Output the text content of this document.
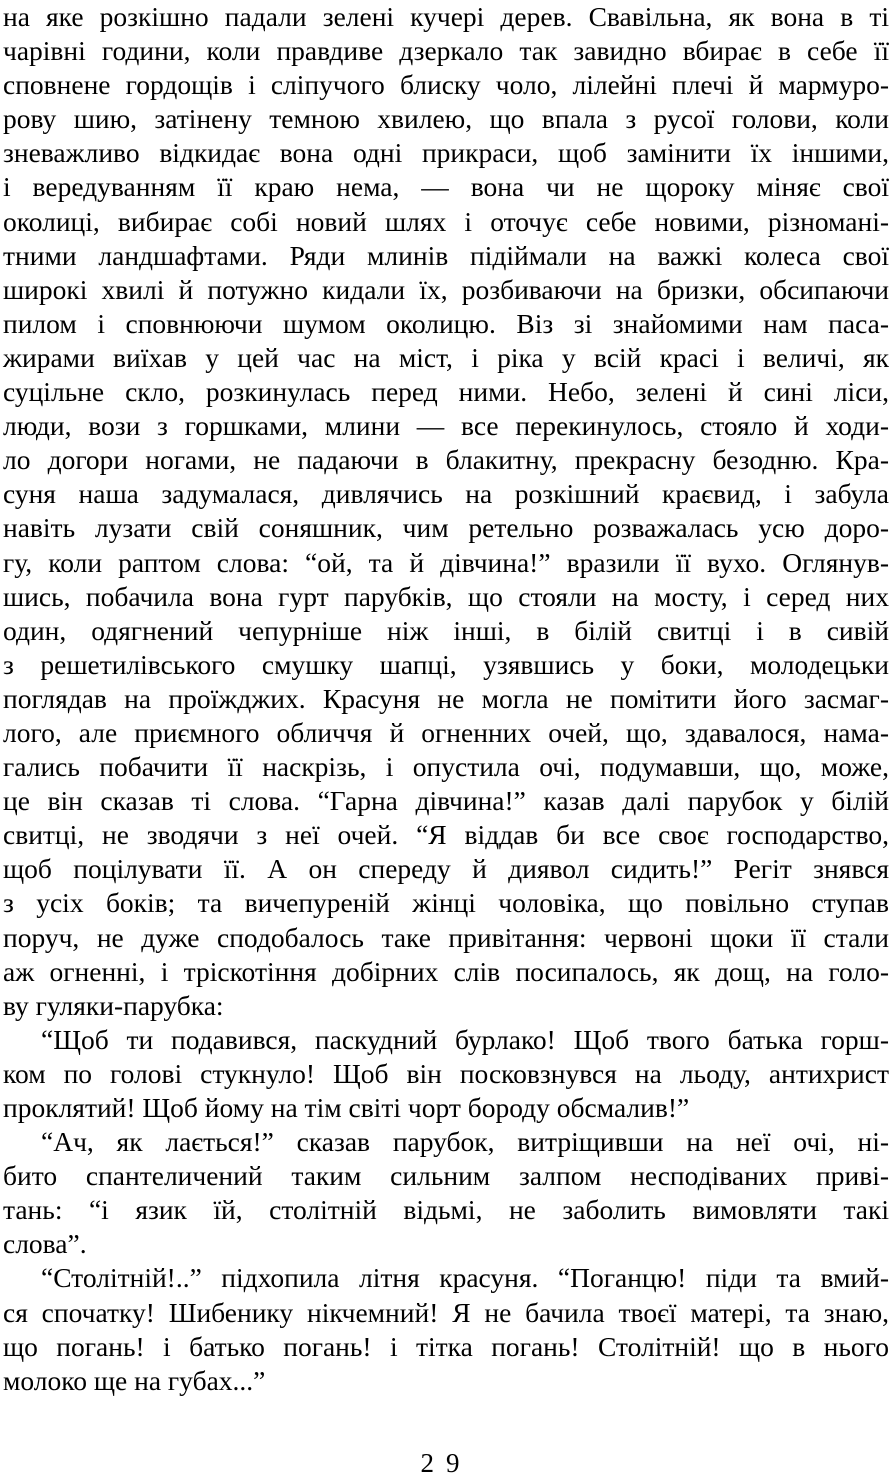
на яке розкішно падали зелені кучері дерев. Свавільна, як вона в ті
чарівні години, коли правдиве дзеркало так завидно вбирає в себе її
сповнене гордощів і сліпучого блиску чоло, лілейні плечі й мармуро-
рову шию, затінену темною хвилею, що впала з русої голови, коли
зневажливо відкидає вона одні прикраси, щоб замінити їх іншими,
і вередуванням її краю нема, — вона чи не щороку міняє свої
околиці, вибирає собі новий шлях і оточує себе новими, різномані-
тними ландшафтами. Ряди млинів підіймали на важкі колеса свої
широкі хвилі й потужно кидали їх, розбиваючи на бризки, обсипаючи
пилом і сповнюючи шумом околицю. Віз зі знайомими нам паса-
жирами виїхав у цей час на міст, і ріка у всій красі і величі, як
суцільне скло, розкинулась перед ними. Небо, зелені й сині ліси,
люди, вози з горшками, млини — все перекинулось, стояло й ходи-
ло догори ногами, не падаючи в блакитну, прекрасну безодню. Кра-
суня наша задумалася, дивлячись на розкішний краєвид, і забула
навіть лузати свій соняшник, чим ретельно розважалась усю доро-
гу, коли раптом слова: “ой, та й дівчина!” вразили її вухо. Оглянув-
шись, побачила вона гурт парубків, що стояли на мосту, і серед них
один, одягнений чепурніше ніж інші, в білій свитці і в сивій
з решетилівського смушку шапці, узявшись у боки, молодецьки
поглядав на проїжджих. Красуня не могла не помітити його засмаг-
лого, але приємного обличчя й огненних очей, що, здавалося, нама-
гались побачити її наскрізь, і опустила очі, подумавши, що, може,
це він сказав ті слова. “Гарна дівчина!” казав далі парубок у білій
свитці, не зводячи з неї очей. “Я віддав би все своє господарство,
щоб поцілувати її. А он спереду й диявол сидить!” Регіт знявся
з усіх боків; та вичепуреній жінці чоловіка, що повільно ступав
поруч, не дуже сподобалось таке привітання: червоні щоки її стали
аж огненні, і тріскотіння добірних слів посипалось, як дощ, на голо-
ву гуляки-парубка:
“Щоб ти подавився, паскудний бурлако! Щоб твого батька горш-
ком по голові стукнуло! Щоб він посковзнувся на льоду, антихрист
проклятий! Щоб йому на тім світі чорт бороду обсмалив!”
“Ач, як лається!” сказав парубок, витріщивши на неї очі, ні-
бито спантеличений таким сильним залпом несподіваних приві-
тань: “і язик їй, столітній відьмі, не заболить вимовляти такі
слова”.
“Столітній!..” підхопила літня красуня. “Поганцю! піди та вмий-
ся спочатку! Шибенику нікчемний! Я не бачила твоєї матері, та знаю,
що погань! і батько погань! і тітка погань! Столітній! що в нього
молоко ще на губах...”
29
